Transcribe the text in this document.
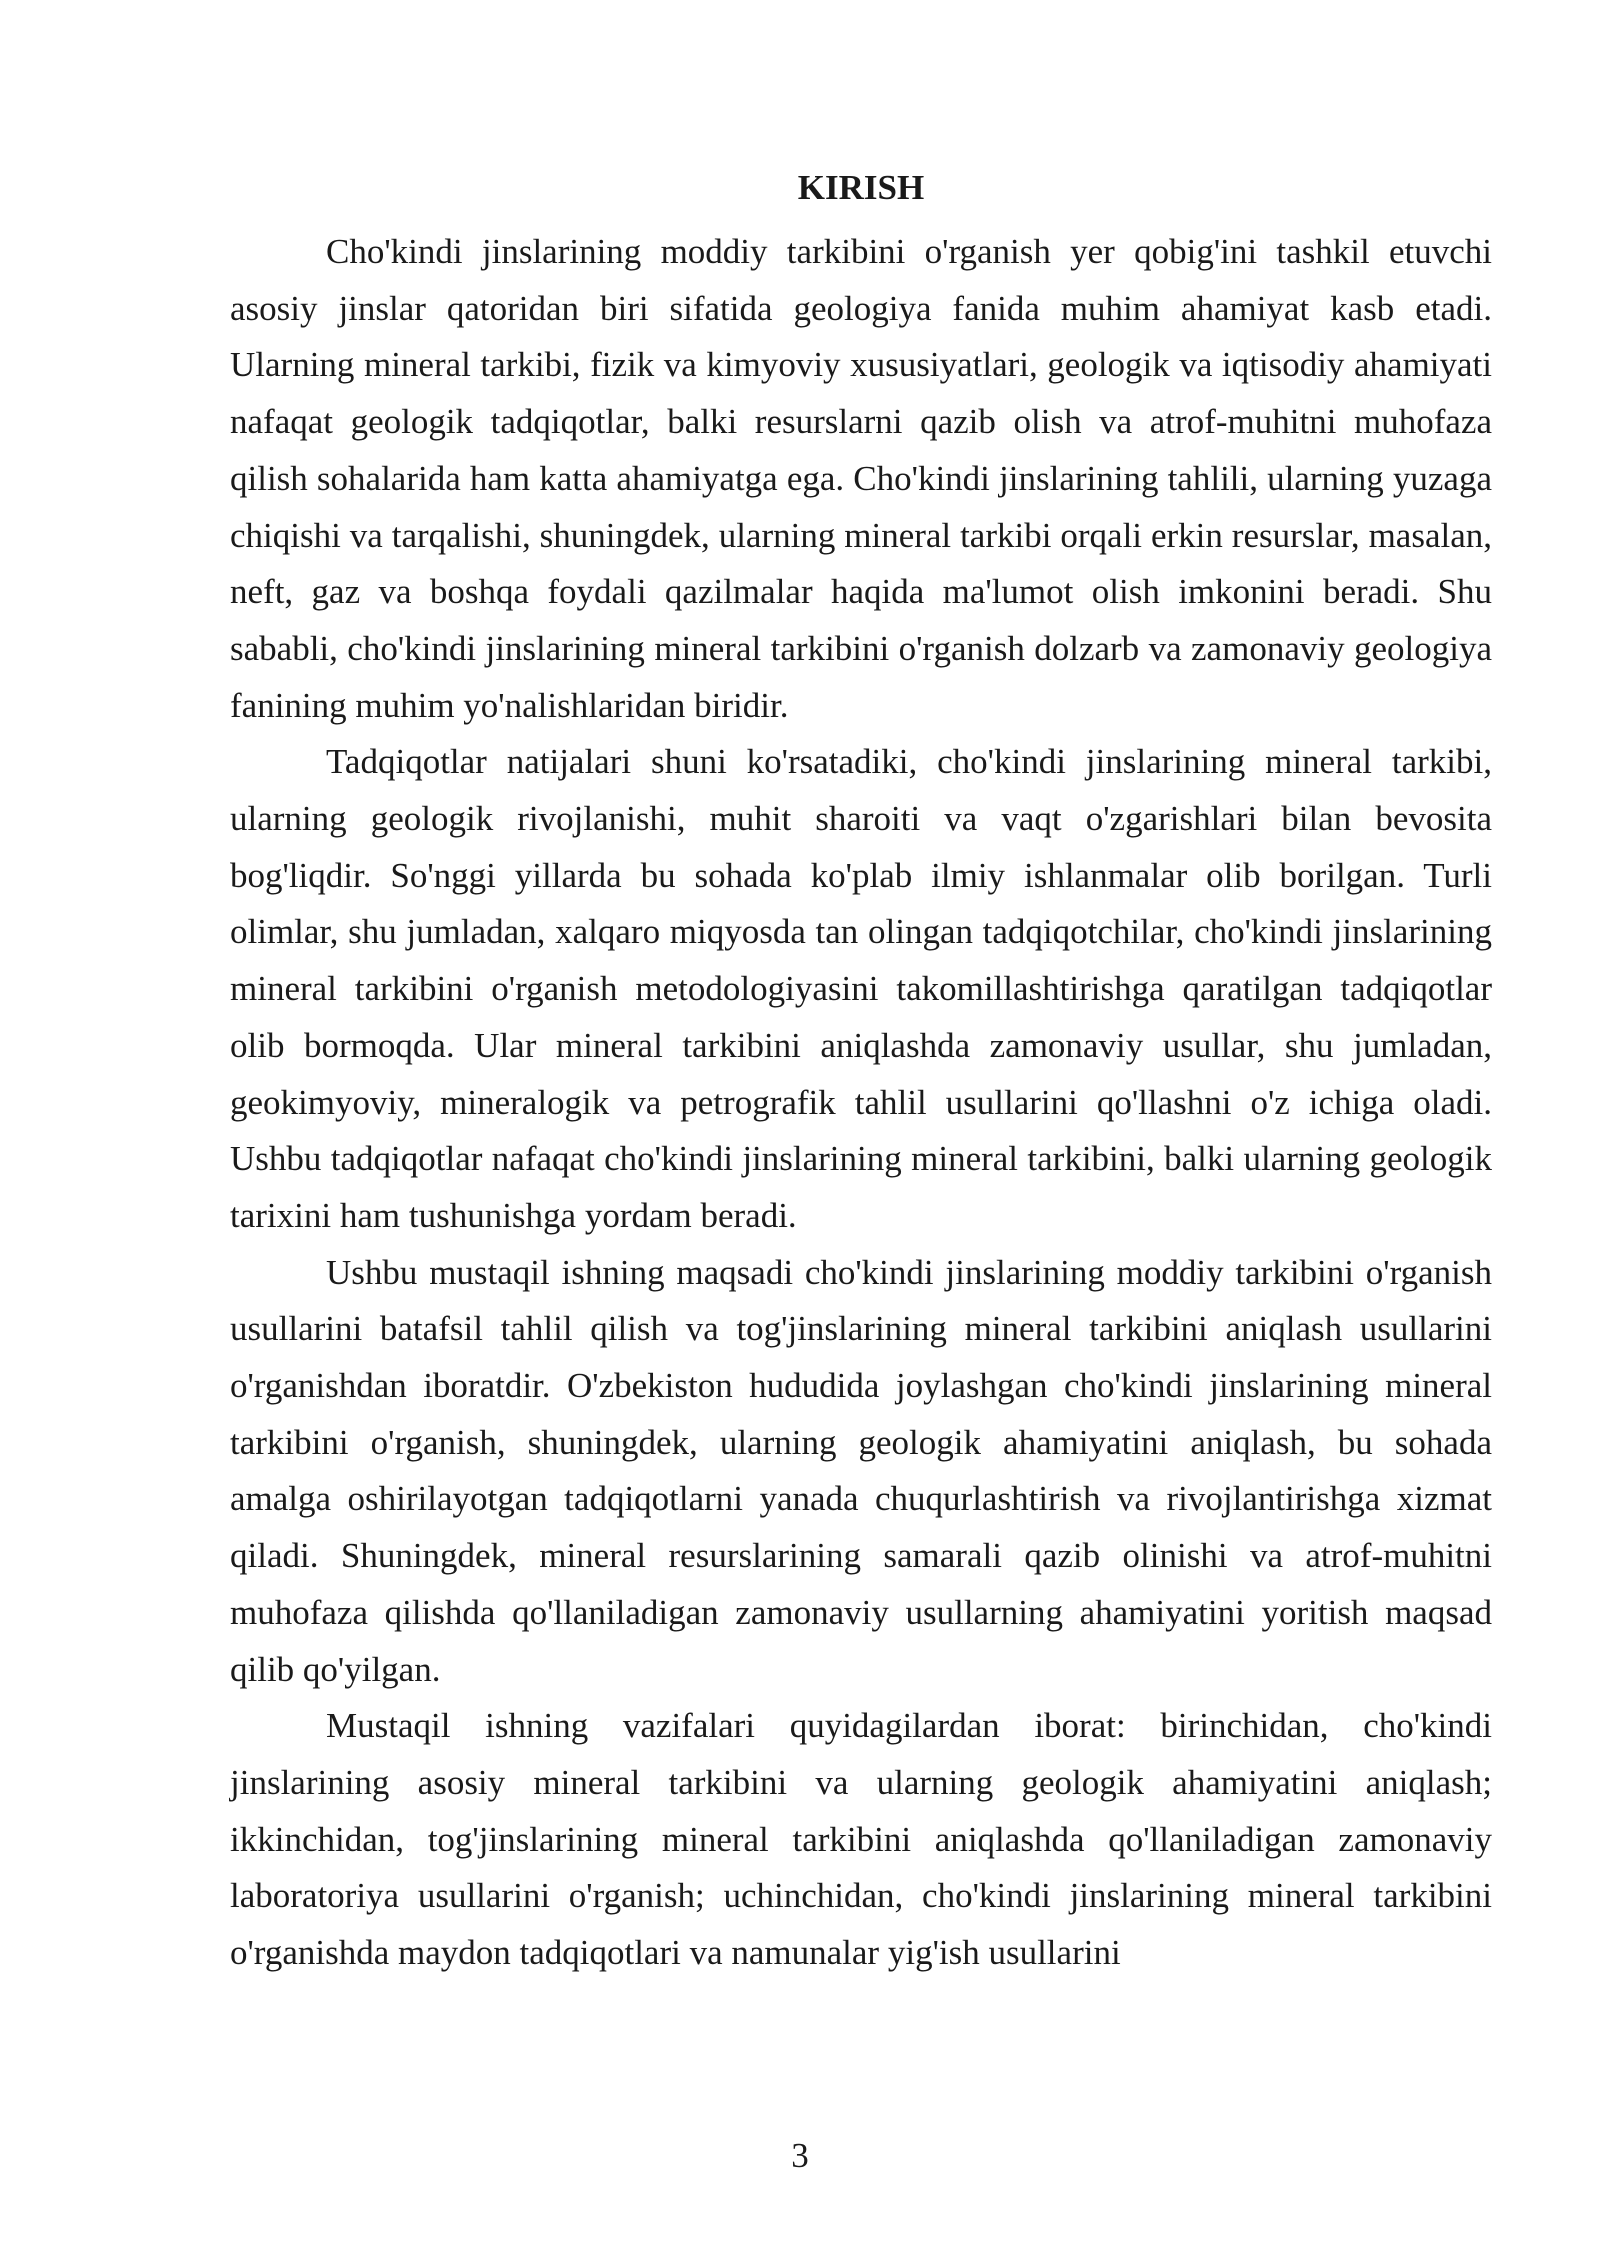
KIRISH

Cho'kindi jinslarining moddiy tarkibini o'rganish yer qobig'ini tashkil etuvchi asosiy jinslar qatoridan biri sifatida geologiya fanida muhim ahamiyat kasb etadi. Ularning mineral tarkibi, fizik va kimyoviy xususiyatlari, geologik va iqtisodiy ahamiyati nafaqat geologik tadqiqotlar, balki resurslarni qazib olish va atrof-muhitni muhofaza qilish sohalarida ham katta ahamiyatga ega. Cho'kindi jinslarining tahlili, ularning yuzaga chiqishi va tarqalishi, shuningdek, ularning mineral tarkibi orqali erkin resurslar, masalan, neft, gaz va boshqa foydali qazilmalar haqida ma'lumot olish imkonini beradi. Shu sababli, cho'kindi jinslarining mineral tarkibini o'rganish dolzarb va zamonaviy geologiya fanining muhim yo'nalishlaridan biridir.

Tadqiqotlar natijalari shuni ko'rsatadiki, cho'kindi jinslarining mineral tarkibi, ularning geologik rivojlanishi, muhit sharoiti va vaqt o'zgarishlari bilan bevosita bog'liqdir. So'nggi yillarda bu sohada ko'plab ilmiy ishlanmalar olib borilgan. Turli olimlar, shu jumladan, xalqaro miqyosda tan olingan tadqiqotchilar, cho'kindi jinslarining mineral tarkibini o'rganish metodologiyasini takomillashtirishga qaratilgan tadqiqotlar olib bormoqda. Ular mineral tarkibini aniqlashda zamonaviy usullar, shu jumladan, geokimyoviy, mineralogik va petrografik tahlil usullarini qo'llashni o'z ichiga oladi. Ushbu tadqiqotlar nafaqat cho'kindi jinslarining mineral tarkibini, balki ularning geologik tarixini ham tushunishga yordam beradi.

Ushbu mustaqil ishning maqsadi cho'kindi jinslarining moddiy tarkibini o'rganish usullarini batafsil tahlil qilish va tog'jinslarining mineral tarkibini aniqlash usullarini o'rganishdan iboratdir. O'zbekiston hududida joylashgan cho'kindi jinslarining mineral tarkibini o'rganish, shuningdek, ularning geologik ahamiyatini aniqlash, bu sohada amalga oshirilayotgan tadqiqotlarni yanada chuqurlashtirish va rivojlantirishga xizmat qiladi. Shuningdek, mineral resurslarining samarali qazib olinishi va atrof-muhitni muhofaza qilishda qo'llaniladigan zamonaviy usullarning ahamiyatini yoritish maqsad qilib qo'yilgan.

Mustaqil ishning vazifalari quyidagilardan iborat: birinchidan, cho'kindi jinslarining asosiy mineral tarkibini va ularning geologik ahamiyatini aniqlash; ikkinchidan, tog'jinslarining mineral tarkibini aniqlashda qo'llaniladigan zamonaviy laboratoriya usullarini o'rganish; uchinchidan, cho'kindi jinslarining mineral tarkibini o'rganishda maydon tadqiqotlari va namunalar yig'ish usullarini

3
